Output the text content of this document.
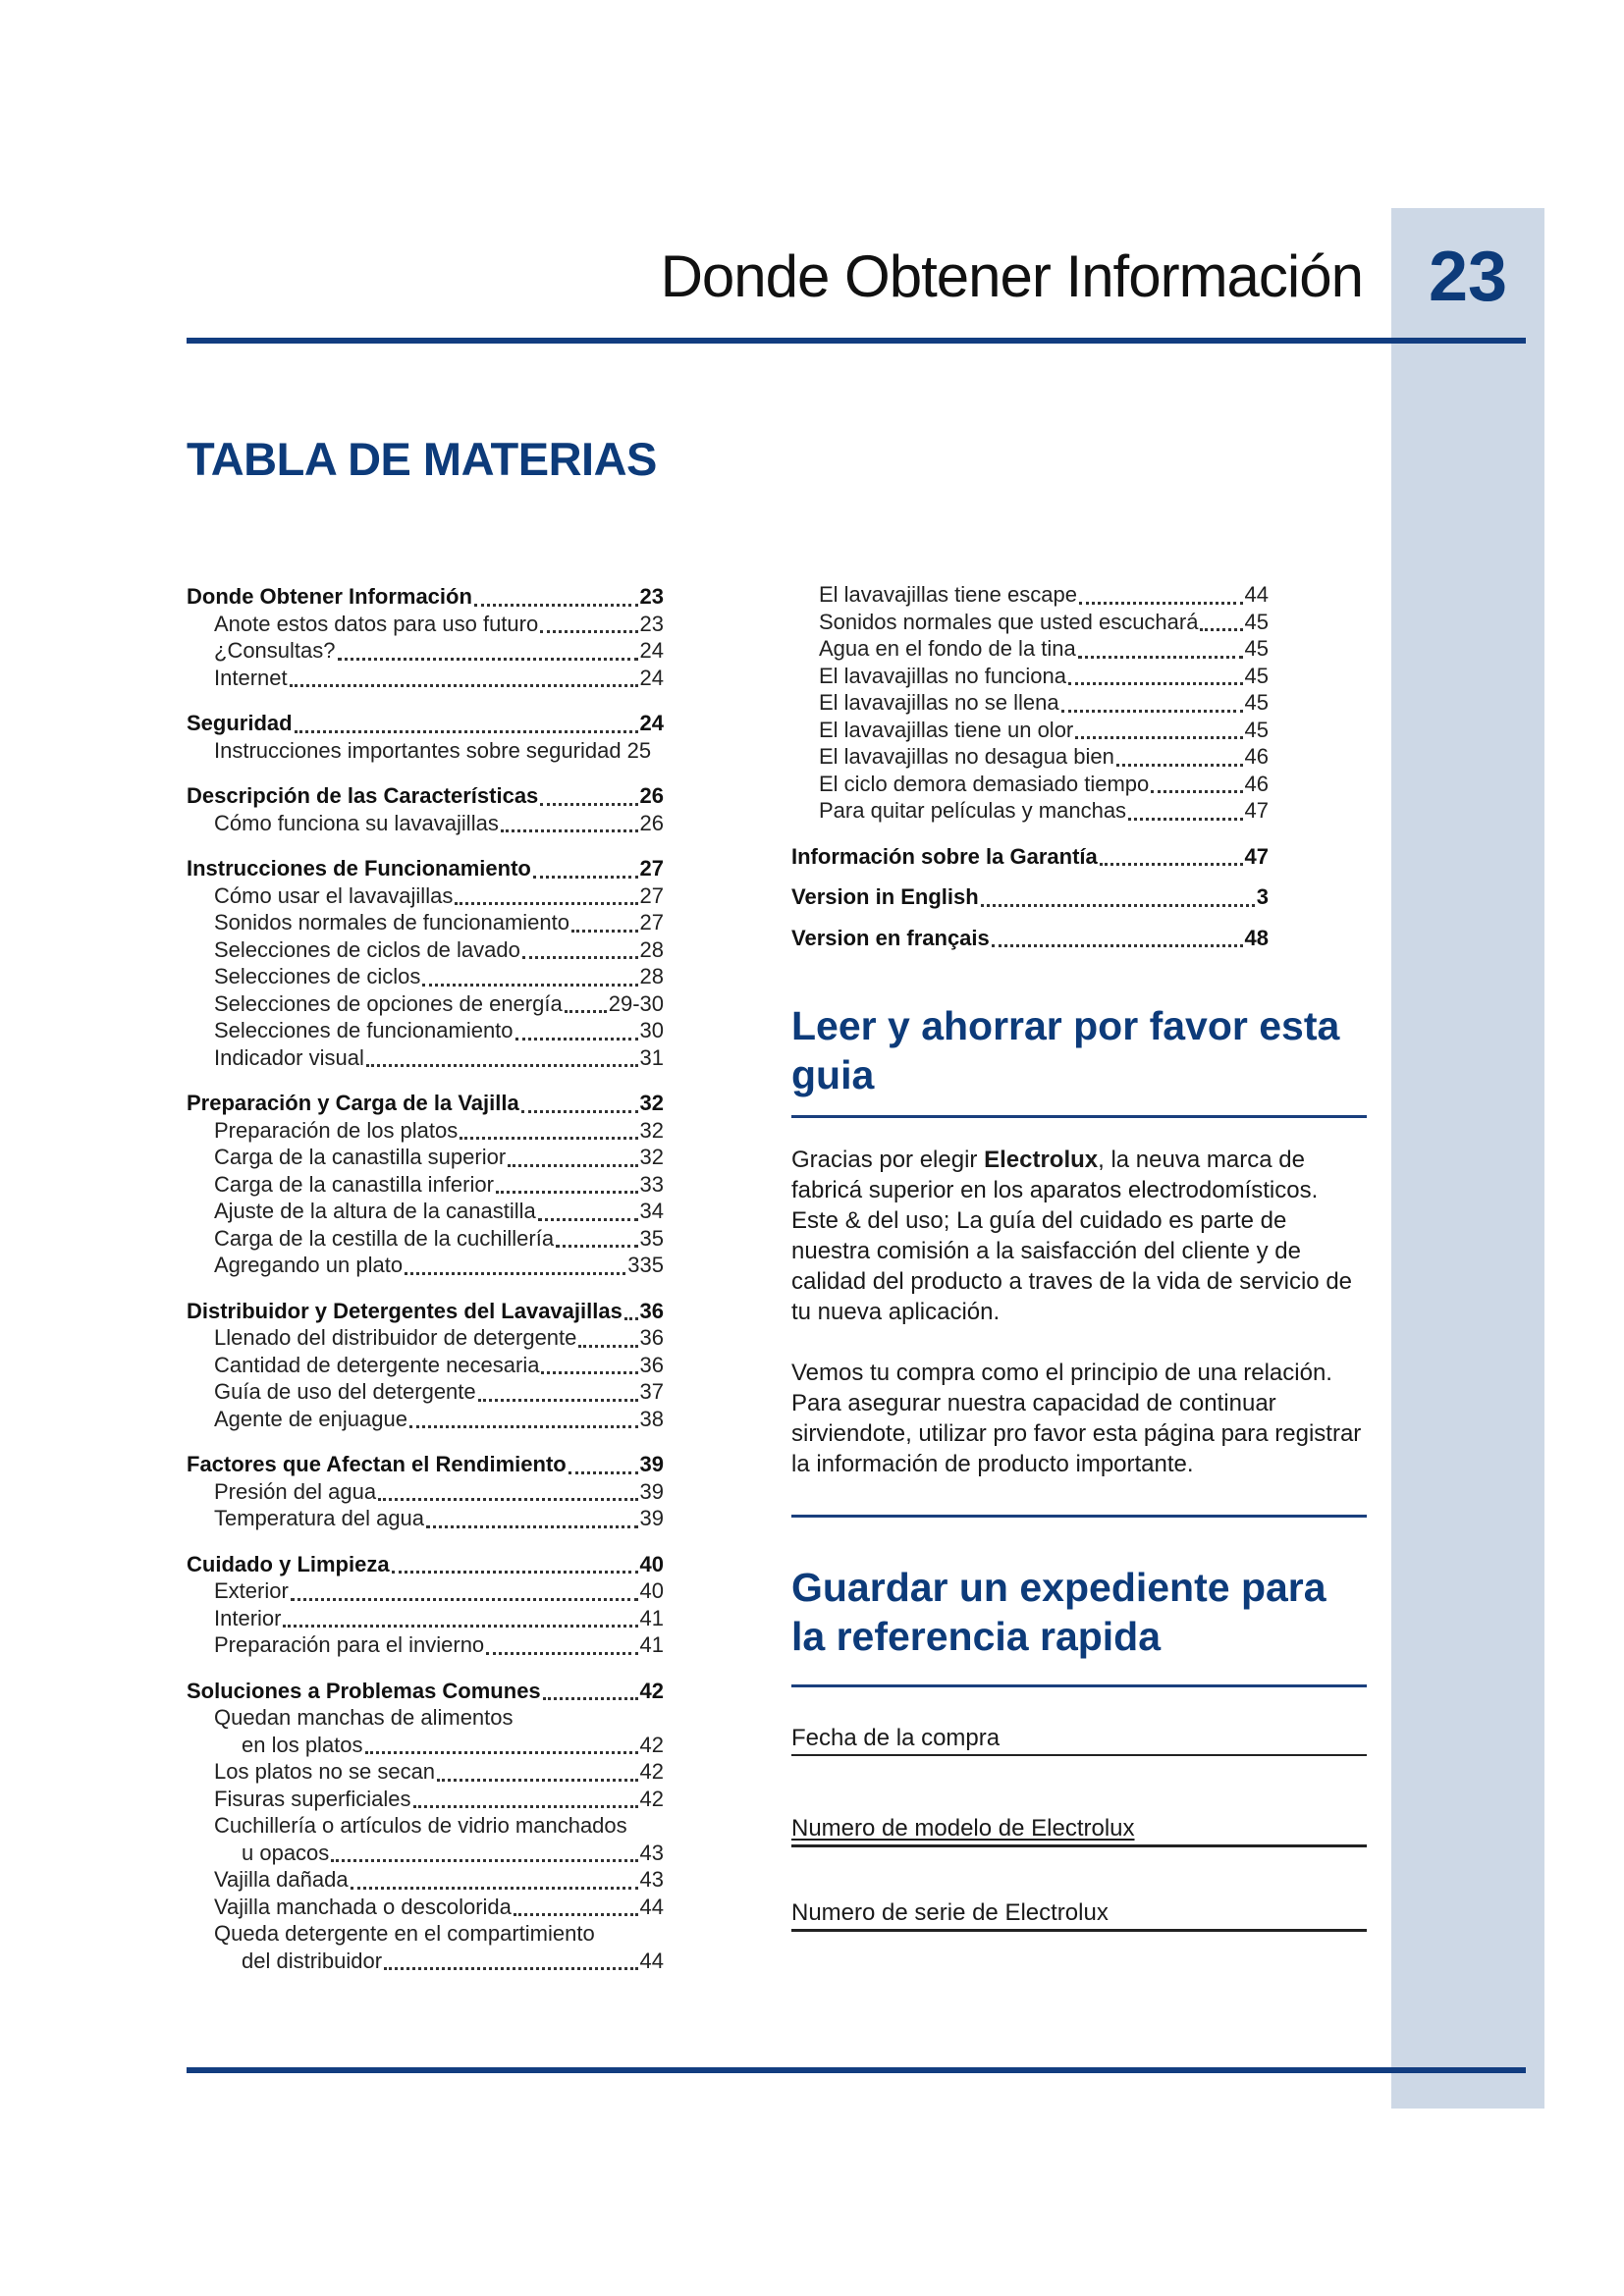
23
Donde Obtener Información
TABLA DE MATERIAS
Donde Obtener Información	23
Anote estos datos para uso futuro	23
¿Consultas?	24
Internet	24
Seguridad	24
Instrucciones importantes sobre seguridad 25
Descripción de las Características	26
Cómo funciona su lavavajillas	26
Instrucciones de Funcionamiento	27
Cómo usar el lavavajillas	27
Sonidos normales de funcionamiento	27
Selecciones de ciclos de lavado	28
Selecciones de ciclos	28
Selecciones de opciones de energía 29-30
Selecciones de funcionamiento	30
Indicador visual	31
Preparación y Carga de la Vajilla	32
Preparación de los platos	32
Carga de la canastilla superior	32
Carga de la canastilla inferior	33
Ajuste de la altura de la canastilla	34
Carga de la cestilla de la cuchillería	35
Agregando un plato	335
Distribuidor y Detergentes del Lavavajillas 36
Llenado del distribuidor de detergente	36
Cantidad de detergente necesaria	36
Guía de uso del detergente	37
Agente de enjuague	38
Factores que Afectan el Rendimiento	39
Presión del agua	39
Temperatura del agua	39
Cuidado y Limpieza	40
Exterior	40
Interior	41
Preparación para el invierno	41
Soluciones a Problemas Comunes	42
Quedan manchas de alimentos
en los platos	42
Los platos no se secan	42
Fisuras superficiales	42
Cuchillería o artículos de vidrio manchados
u opacos	43
Vajilla dañada	43
Vajilla manchada o descolorida	44
Queda detergente en el compartimiento
del distribuidor	44
El lavavajillas tiene escape	44
Sonidos normales que usted escuchará 45
Agua en el fondo de la tina	45
El lavavajillas no funciona	45
El lavavajillas no se llena	45
El lavavajillas tiene un olor	45
El lavavajillas no desagua bien	46
El ciclo demora demasiado tiempo	46
Para quitar películas y manchas	47
Información sobre la Garantía	47
Version in English	3
Version en français	48
Leer y ahorrar por favor esta guia
Gracias por elegir Electrolux, la neuva marca de fabricá superior en los aparatos electrodomísticos. Este & del uso; La guía del cuidado es parte de nuestra comisión a la saisfacción del cliente y de calidad del producto a traves de la vida de servicio de tu nueva aplicación.
Vemos tu compra como el principio de una relación. Para asegurar nuestra capacidad de continuar sirviendote, utilizar pro favor esta página para registrar la información de producto importante.
Guardar un expediente para la referencia rapida
Fecha de la compra
Numero de modelo de Electrolux
Numero de serie de Electrolux
